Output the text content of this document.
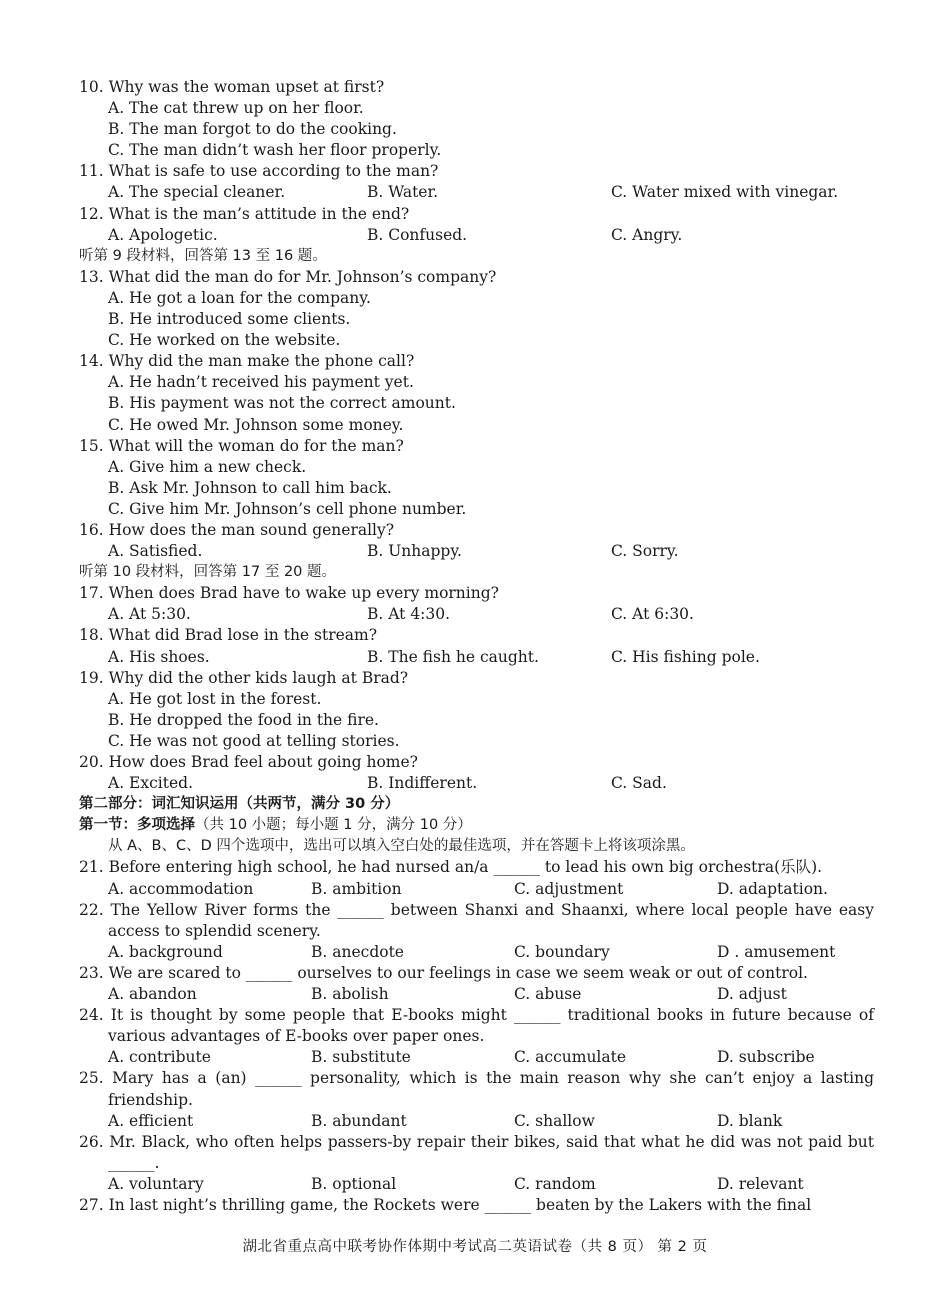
10. Why was the woman upset at first?
A. The cat threw up on her floor.
B. The man forgot to do the cooking.
C. The man didn’t wash her floor properly.
11. What is safe to use according to the man?
A. The special cleaner.	B. Water.	C. Water mixed with vinegar.
12. What is the man’s attitude in the end?
A. Apologetic.	B. Confused.	C. Angry.
听第 9 段材料，回答第 13 至 16 题。
13. What did the man do for Mr. Johnson’s company?
A. He got a loan for the company.
B. He introduced some clients.
C. He worked on the website.
14. Why did the man make the phone call?
A. He hadn’t received his payment yet.
B. His payment was not the correct amount.
C. He owed Mr. Johnson some money.
15. What will the woman do for the man?
A. Give him a new check.
B. Ask Mr. Johnson to call him back.
C. Give him Mr. Johnson’s cell phone number.
16. How does the man sound generally?
A. Satisfied.	B. Unhappy.	C. Sorry.
听第 10 段材料，回答第 17 至 20 题。
17. When does Brad have to wake up every morning?
A. At 5:30.	B. At 4:30.	C. At 6:30.
18. What did Brad lose in the stream?
A. His shoes.	B. The fish he caught.	C. His fishing pole.
19. Why did the other kids laugh at Brad?
A. He got lost in the forest.
B. He dropped the food in the fire.
C. He was not good at telling stories.
20. How does Brad feel about going home?
A. Excited.	B. Indifferent.	C. Sad.
第二部分：词汇知识运用（共两节，满分 30 分）
第一节：多项选择（共 10 小题；每小题 1 分，满分 10 分）
从 A、B、C、D 四个选项中，选出可以填入空白处的最佳选项，并在答题卡上将该项涂黑。
21. Before entering high school, he had nursed an/a ______ to lead his own big orchestra(乐队).
A. accommodation	B. ambition	C. adjustment	D. adaptation.
22. The Yellow River forms the ______ between Shanxi and Shaanxi, where local people have easy access to splendid scenery.
A. background	B. anecdote	C. boundary	D . amusement
23. We are scared to ______ ourselves to our feelings in case we seem weak or out of control.
A. abandon	B. abolish	C. abuse	D. adjust
24. It is thought by some people that E-books might ______ traditional books in future because of various advantages of E-books over paper ones.
A. contribute	B. substitute	C. accumulate	D. subscribe
25. Mary has a (an) ______ personality, which is the main reason why she can’t enjoy a lasting friendship.
A. efficient	B. abundant	C. shallow	D. blank
26. Mr. Black, who often helps passers-by repair their bikes, said that what he did was not paid but ______.
A. voluntary	B. optional	C. random	D. relevant
27. In last night’s thrilling game, the Rockets were ______ beaten by the Lakers with the final
湖北省重点高中联考协作体期中考试高二英语试卷（共 8 页） 第 2 页
